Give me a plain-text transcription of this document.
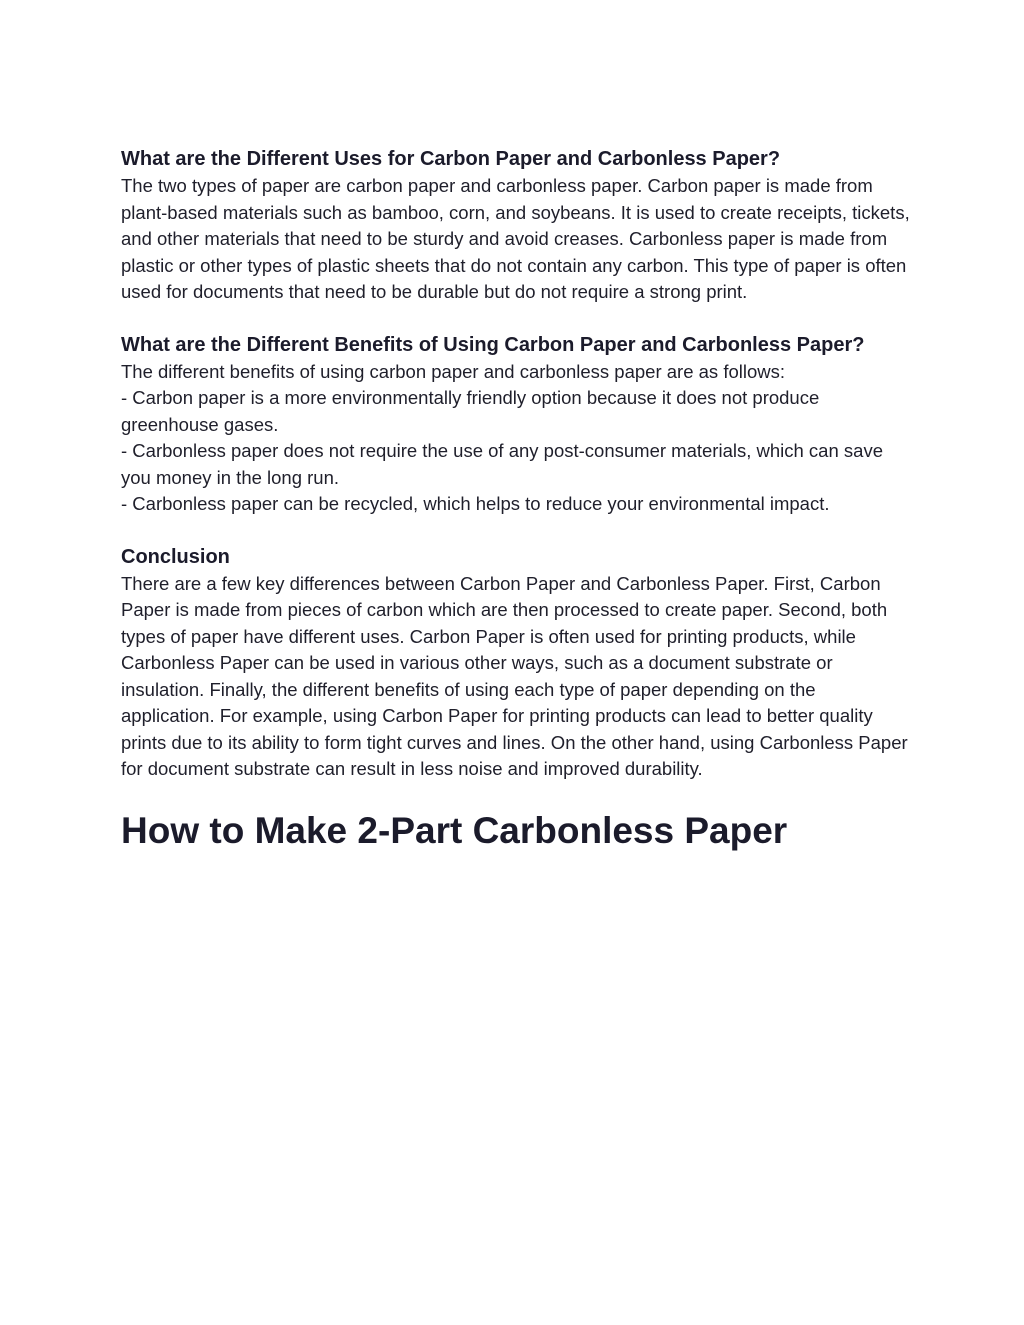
What are the Different Uses for Carbon Paper and Carbonless Paper?

The two types of paper are carbon paper and carbonless paper. Carbon paper is made from plant-based materials such as bamboo, corn, and soybeans. It is used to create receipts, tickets, and other materials that need to be sturdy and avoid creases. Carbonless paper is made from plastic or other types of plastic sheets that do not contain any carbon. This type of paper is often used for documents that need to be durable but do not require a strong print.

What are the Different Benefits of Using Carbon Paper and Carbonless Paper?

The different benefits of using carbon paper and carbonless paper are as follows:

- Carbon paper is a more environmentally friendly option because it does not produce greenhouse gases.

- Carbonless paper does not require the use of any post-consumer materials, which can save you money in the long run.

- Carbonless paper can be recycled, which helps to reduce your environmental impact.

Conclusion

There are a few key differences between Carbon Paper and Carbonless Paper. First, Carbon Paper is made from pieces of carbon which are then processed to create paper. Second, both types of paper have different uses. Carbon Paper is often used for printing products, while Carbonless Paper can be used in various other ways, such as a document substrate or insulation. Finally, the different benefits of using each type of paper depending on the application. For example, using Carbon Paper for printing products can lead to better quality prints due to its ability to form tight curves and lines. On the other hand, using Carbonless Paper for document substrate can result in less noise and improved durability.

How to Make 2-Part Carbonless Paper
